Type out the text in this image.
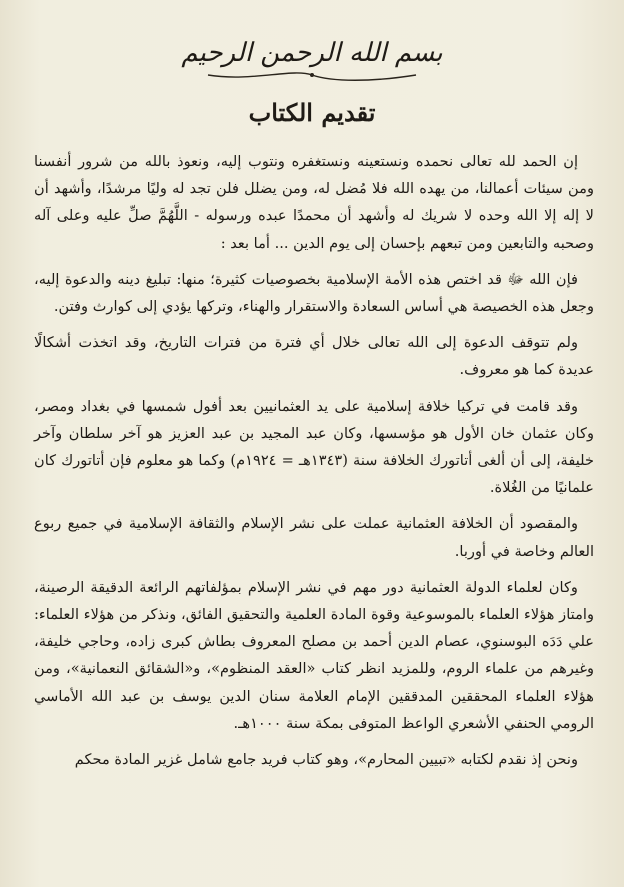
بسم الله الرحمن الرحيم
تقديم الكتاب

إن الحمد لله تعالى نحمده ونستعينه ونستغفره ونتوب إليه، ونعوذ بالله من شرور أنفسنا ومن سيئات أعمالنا، من يهده الله فلا مُضل له، ومن يضلل فلن تجد له وليًا مرشدًا، وأشهد أن لا إله إلا الله وحده لا شريك له وأشهد أن محمدًا عبده ورسوله - اللَّهُمَّ صلِّ عليه وعلى آله وصحبه والتابعين ومن تبعهم بإحسان إلى يوم الدين ... أما بعد :

فإن الله ﷻ قد اختص هذه الأمة الإسلامية بخصوصيات كثيرة؛ منها: تبليغ دينه والدعوة إليه، وجعل هذه الخصيصة هي أساس السعادة والاستقرار والهناء، وتركها يؤدي إلى كوارث وفتن.

ولم تتوقف الدعوة إلى الله تعالى خلال أي فترة من فترات التاريخ، وقد اتخذت أشكالًا عديدة كما هو معروف.

وقد قامت في تركيا خلافة إسلامية على يد العثمانيين بعد أفول شمسها في بغداد ومصر، وكان عثمان خان الأول هو مؤسسها، وكان عبد المجيد بن عبد العزيز هو آخر سلطان وآخر خليفة، إلى أن ألغى أتاتورك الخلافة سنة (١٣٤٣هـ = ١٩٢٤م) وكما هو معلوم فإن أتاتورك كان علمانيًا من الغُلاة.

والمقصود أن الخلافة العثمانية عملت على نشر الإسلام والثقافة الإسلامية في جميع ربوع العالم وخاصة في أوربا.

وكان لعلماء الدولة العثمانية دور مهم في نشر الإسلام بمؤلفاتهم الرائعة الدقيقة الرصينة، وامتاز هؤلاء العلماء بالموسوعية وقوة المادة العلمية والتحقيق الفائق، ونذكر من هؤلاء العلماء: علي دَدَه البوسنوي، عصام الدين أحمد بن مصلح المعروف بطاش كبرى زاده، وحاجي خليفة، وغيرهم من علماء الروم، وللمزيد انظر كتاب «العقد المنظوم»، و«الشقائق النعمانية»، ومن هؤلاء العلماء المحققين المدققين الإمام العلامة سنان الدين يوسف بن عبد الله الأماسي الرومي الحنفي الأشعري الواعظ المتوفى بمكة سنة ١٠٠٠هـ.

ونحن إذ نقدم لكتابه «تبيين المحارم»، وهو كتاب فريد جامع شامل غزير المادة محكم
